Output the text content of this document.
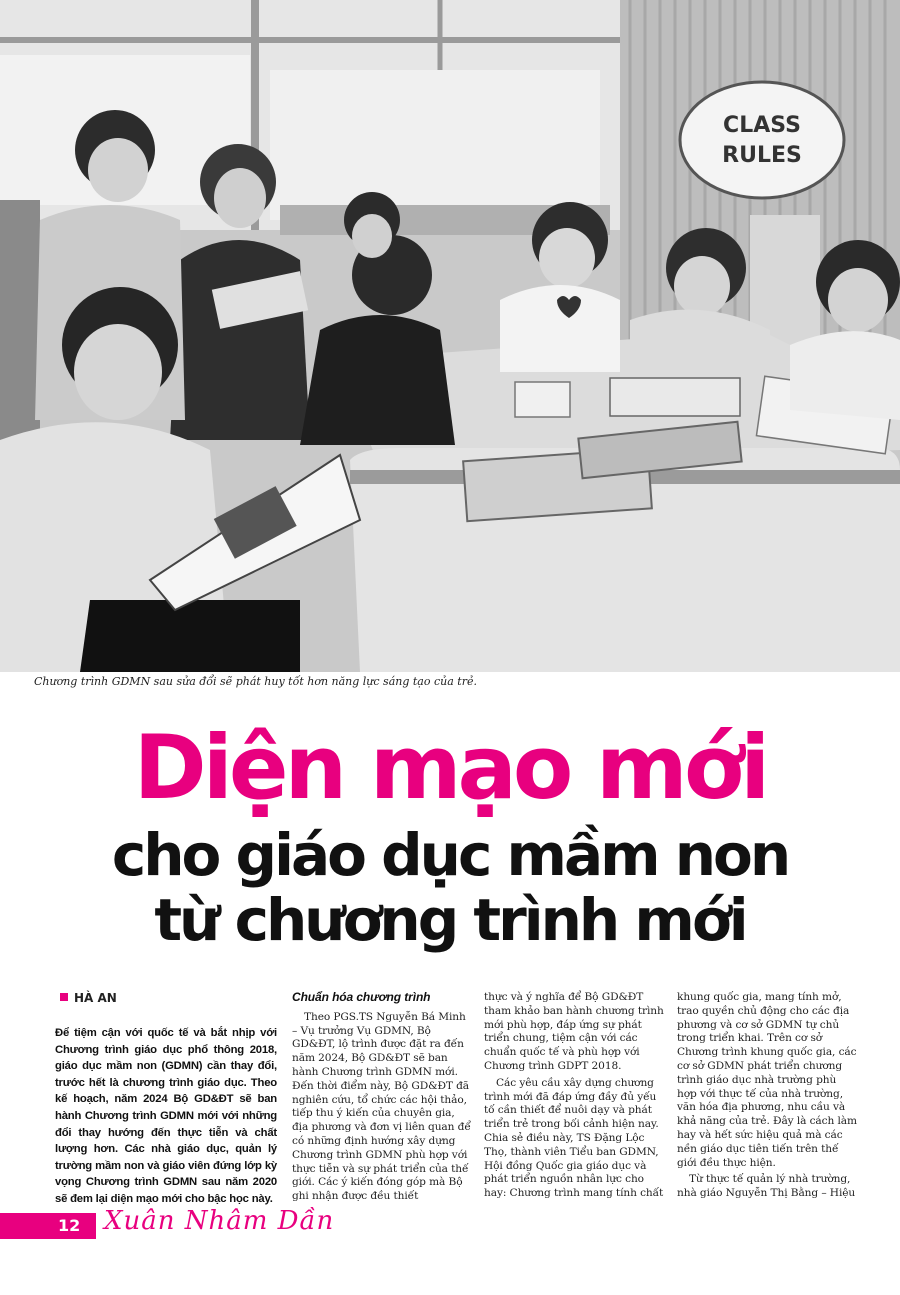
CLASS
RULES
Chương trình GDMN sau sửa đổi sẽ phát huy tốt hơn năng lực sáng tạo của trẻ.
Diện mạo mới
cho giáo dục mầm non
từ chương trình mới
HÀ AN
Để tiệm cận với quốc tế và bắt nhịp với Chương trình giáo dục phổ thông 2018, giáo dục mầm non (GDMN) cần thay đổi, trước hết là chương trình giáo dục. Theo kế hoạch, năm 2024 Bộ GD&ĐT sẽ ban hành Chương trình GDMN mới với những đổi thay hướng đến thực tiễn và chất lượng hơn. Các nhà giáo dục, quản lý trường mầm non và giáo viên đứng lớp kỳ vọng Chương trình GDMN sau năm 2020 sẽ đem lại diện mạo mới cho bậc học này.
Chuẩn hóa chương trình

Theo PGS.TS Nguyễn Bá Minh – Vụ trưởng Vụ GDMN, Bộ GD&ĐT, lộ trình được đặt ra đến năm 2024, Bộ GD&ĐT sẽ ban hành Chương trình GDMN mới. Đến thời điểm này, Bộ GD&ĐT đã nghiên cứu, tổ chức các hội thảo, tiếp thu ý kiến của chuyên gia, địa phương và đơn vị liên quan để có những định hướng xây dựng Chương trình GDMN phù hợp với thực tiễn và sự phát triển của thế giới. Các ý kiến đóng góp mà Bộ ghi nhận được đều thiết

thực và ý nghĩa để Bộ GD&ĐT tham khảo ban hành chương trình mới phù hợp, đáp ứng sự phát triển chung, tiệm cận với các chuẩn quốc tế và phù hợp với Chương trình GDPT 2018.

Các yêu cầu xây dựng chương trình mới đã đáp ứng đầy đủ yếu tố cần thiết để nuôi dạy và phát triển trẻ trong bối cảnh hiện nay. Chia sẻ điều này, TS Đặng Lộc Thọ, thành viên Tiểu ban GDMN, Hội đồng Quốc gia giáo dục và phát triển nguồn nhân lực cho hay: Chương trình mang tính chất

khung quốc gia, mang tính mở, trao quyền chủ động cho các địa phương và cơ sở GDMN tự chủ trong triển khai. Trên cơ sở Chương trình khung quốc gia, các cơ sở GDMN phát triển chương trình giáo dục nhà trường phù hợp với thực tế của nhà trường, văn hóa địa phương, nhu cầu và khả năng của trẻ. Đây là cách làm hay và hết sức hiệu quả mà các nền giáo dục tiên tiến trên thế giới đều thực hiện.

Từ thực tế quản lý nhà trường, nhà giáo Nguyễn Thị Bằng – Hiệu

12 Xuân Nhâm Dần
